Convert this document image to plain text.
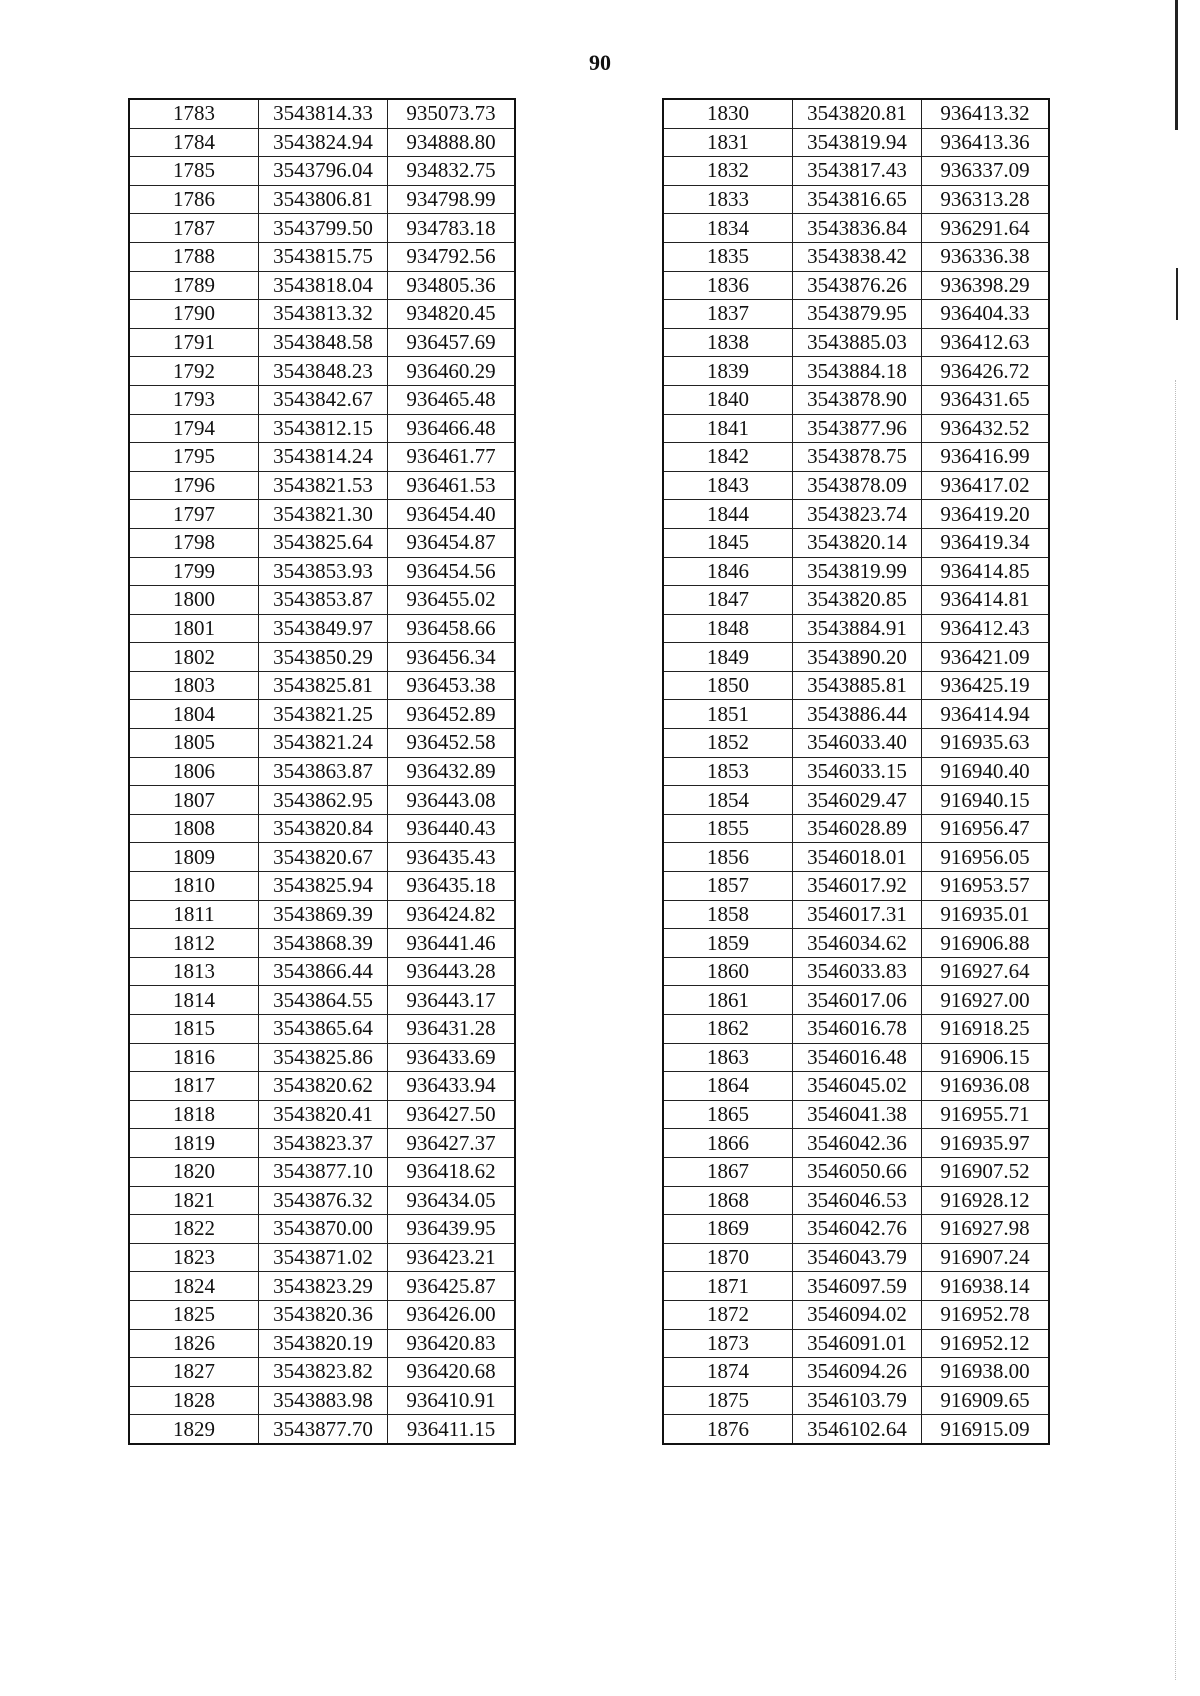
90
1783	3543814.33	935073.73
1784	3543824.94	934888.80
1785	3543796.04	934832.75
1786	3543806.81	934798.99
1787	3543799.50	934783.18
1788	3543815.75	934792.56
1789	3543818.04	934805.36
1790	3543813.32	934820.45
1791	3543848.58	936457.69
1792	3543848.23	936460.29
1793	3543842.67	936465.48
1794	3543812.15	936466.48
1795	3543814.24	936461.77
1796	3543821.53	936461.53
1797	3543821.30	936454.40
1798	3543825.64	936454.87
1799	3543853.93	936454.56
1800	3543853.87	936455.02
1801	3543849.97	936458.66
1802	3543850.29	936456.34
1803	3543825.81	936453.38
1804	3543821.25	936452.89
1805	3543821.24	936452.58
1806	3543863.87	936432.89
1807	3543862.95	936443.08
1808	3543820.84	936440.43
1809	3543820.67	936435.43
1810	3543825.94	936435.18
1811	3543869.39	936424.82
1812	3543868.39	936441.46
1813	3543866.44	936443.28
1814	3543864.55	936443.17
1815	3543865.64	936431.28
1816	3543825.86	936433.69
1817	3543820.62	936433.94
1818	3543820.41	936427.50
1819	3543823.37	936427.37
1820	3543877.10	936418.62
1821	3543876.32	936434.05
1822	3543870.00	936439.95
1823	3543871.02	936423.21
1824	3543823.29	936425.87
1825	3543820.36	936426.00
1826	3543820.19	936420.83
1827	3543823.82	936420.68
1828	3543883.98	936410.91
1829	3543877.70	936411.15
1830	3543820.81	936413.32
1831	3543819.94	936413.36
1832	3543817.43	936337.09
1833	3543816.65	936313.28
1834	3543836.84	936291.64
1835	3543838.42	936336.38
1836	3543876.26	936398.29
1837	3543879.95	936404.33
1838	3543885.03	936412.63
1839	3543884.18	936426.72
1840	3543878.90	936431.65
1841	3543877.96	936432.52
1842	3543878.75	936416.99
1843	3543878.09	936417.02
1844	3543823.74	936419.20
1845	3543820.14	936419.34
1846	3543819.99	936414.85
1847	3543820.85	936414.81
1848	3543884.91	936412.43
1849	3543890.20	936421.09
1850	3543885.81	936425.19
1851	3543886.44	936414.94
1852	3546033.40	916935.63
1853	3546033.15	916940.40
1854	3546029.47	916940.15
1855	3546028.89	916956.47
1856	3546018.01	916956.05
1857	3546017.92	916953.57
1858	3546017.31	916935.01
1859	3546034.62	916906.88
1860	3546033.83	916927.64
1861	3546017.06	916927.00
1862	3546016.78	916918.25
1863	3546016.48	916906.15
1864	3546045.02	916936.08
1865	3546041.38	916955.71
1866	3546042.36	916935.97
1867	3546050.66	916907.52
1868	3546046.53	916928.12
1869	3546042.76	916927.98
1870	3546043.79	916907.24
1871	3546097.59	916938.14
1872	3546094.02	916952.78
1873	3546091.01	916952.12
1874	3546094.26	916938.00
1875	3546103.79	916909.65
1876	3546102.64	916915.09
